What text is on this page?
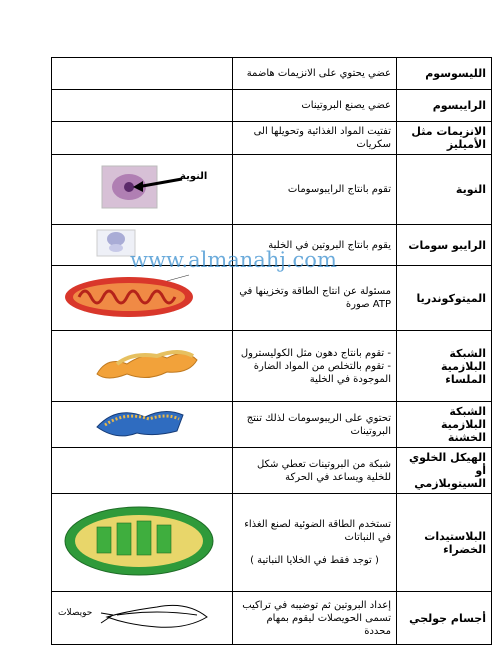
الليسوسوم	عضي يحتوي على الانزيمات هاضمة	
الرايبسوم	عضي يصنع البروتينات	
الانزيمات مثل الأميليز	تفتيت المواد الغذائية وتحويلها الى سكريات	
النوية	تقوم بانتاج الرايبوسومات	النوية

الرايبو سومات	يقوم بانتاج البروتين في الخلية	
الميتوكوندريا	مسئولة عن انتاج الطاقة وتخزينها في ATP صورة	
الشبكة البلازمية الملساء	- تقوم بانتاج دهون مثل الكوليسترول - تقوم بالتخلص من المواد الضارة الموجودة في الخلية	
الشبكة البلازمية الخشنة	تحتوي على الريبوسومات لذلك تنتج البروتينات	
الهيكل الخلوي أو السيتوبلازمي	شبكة من البروتينات تعطي شكل للخلية ويساعد في الحركة	
البلاستيدات الخضراء	تستخدم الطاقة الضوئية لصنع الغذاء في النباتات
( توجد فقط في الخلايا النباتية )

أجسام جولجي	إعداد البروتين ثم توضيبه في تراكيب تسمى الحويصلات ليقوم بمهام محددة	حويصلات
www.almanahj.com
